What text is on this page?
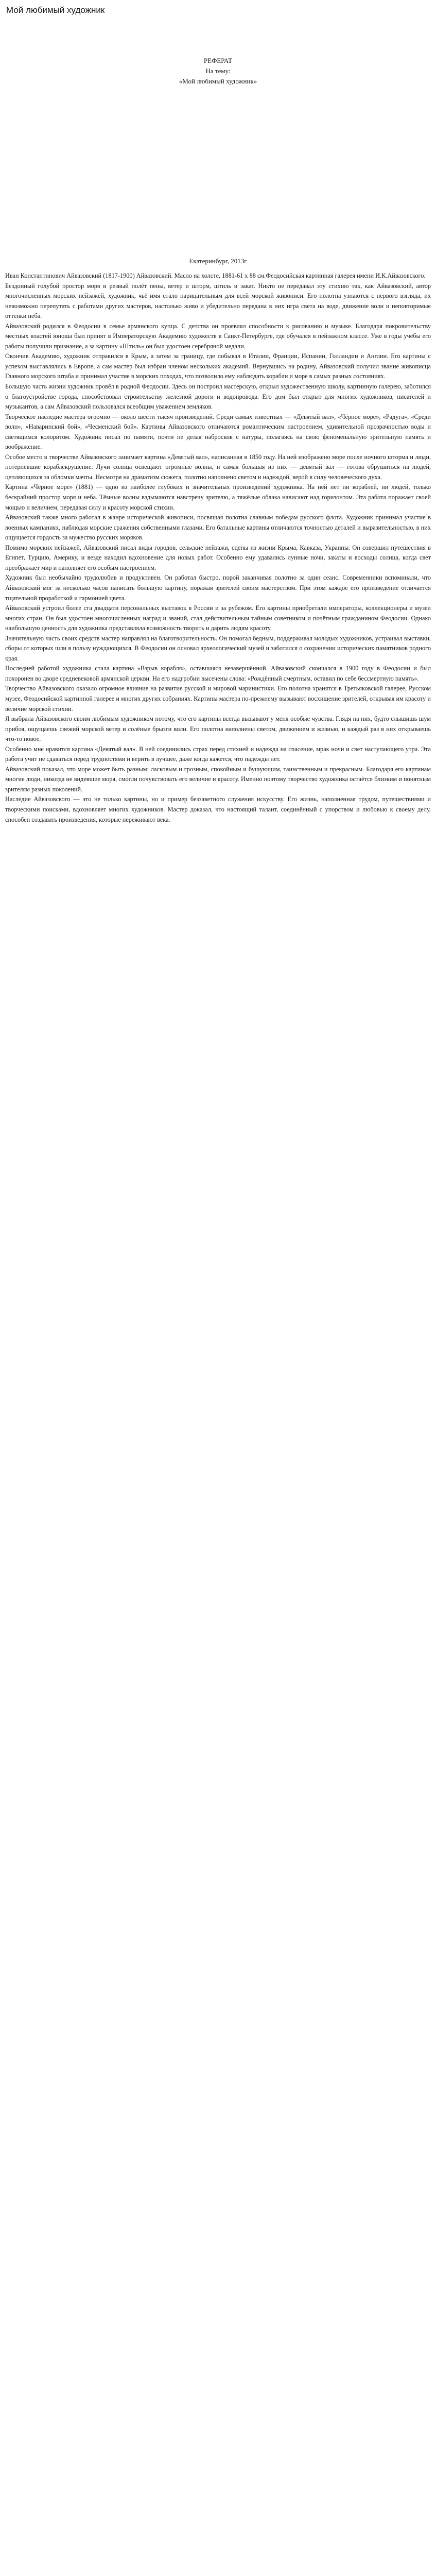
Мой любимый художник
РЕФЕРАТ
На тему:
«Мой любимый художник»
Екатеринбург, 2013г

Иван Константинович Айвазовский (1817-1900) Айвазовский. Масло на холсте, 1881-61 x 88 см.Феодосийская картинная галерея имени И.К.Айвазовского.

Бездонный голубой простор моря и резвый полёт пены, ветер и шторм, штиль и закат. Никто не передавал эту стихию так, как Айвазовский, автор многочисленных морских пейзажей, художник, чьё имя стало нарицательным для всей морской живописи. Его полотна узнаются с первого взгляда, их невозможно перепутать с работами других мастеров, настолько живо и убедительно передана в них игра света на воде, движение волн и неповторимые оттенки неба.

Айвазовский родился в Феодосии в семье армянского купца. С детства он проявлял способности к рисованию и музыке. Благодаря покровительству местных властей юноша был принят в Императорскую Академию художеств в Санкт-Петербурге, где обучался в пейзажном классе. Уже в годы учёбы его работы получили признание, а за картину «Штиль» он был удостоен серебряной медали.

Окончив Академию, художник отправился в Крым, а затем за границу, где побывал в Италии, Франции, Испании, Голландии и Англии. Его картины с успехом выставлялись в Европе, а сам мастер был избран членом нескольких академий. Вернувшись на родину, Айвазовский получил звание живописца Главного морского штаба и принимал участие в морских походах, что позволило ему наблюдать корабли и море в самых разных состояниях.

Большую часть жизни художник провёл в родной Феодосии. Здесь он построил мастерскую, открыл художественную школу, картинную галерею, заботился о благоустройстве города, способствовал строительству железной дороги и водопровода. Его дом был открыт для многих художников, писателей и музыкантов, а сам Айвазовский пользовался всеобщим уважением земляков.

Творческое наследие мастера огромно — около шести тысяч произведений. Среди самых известных — «Девятый вал», «Чёрное море», «Радуга», «Среди волн», «Наваринский бой», «Чесменский бой». Картины Айвазовского отличаются романтическим настроением, удивительной прозрачностью воды и светящимся колоритом. Художник писал по памяти, почти не делая набросков с натуры, полагаясь на свою феноменальную зрительную память и воображение.

Особое место в творчестве Айвазовского занимает картина «Девятый вал», написанная в 1850 году. На ней изображено море после ночного шторма и люди, потерпевшие кораблекрушение. Лучи солнца освещают огромные волны, и самая большая из них — девятый вал — готова обрушиться на людей, цепляющихся за обломки мачты. Несмотря на драматизм сюжета, полотно наполнено светом и надеждой, верой в силу человеческого духа.

Картина «Чёрное море» (1881) — одно из наиболее глубоких и значительных произведений художника. На ней нет ни кораблей, ни людей, только бескрайний простор моря и неба. Тёмные волны вздымаются навстречу зрителю, а тяжёлые облака нависают над горизонтом. Эта работа поражает своей мощью и величием, передавая силу и красоту морской стихии.

Айвазовский также много работал в жанре исторической живописи, посвящая полотна славным победам русского флота. Художник принимал участие в военных кампаниях, наблюдая морские сражения собственными глазами. Его батальные картины отличаются точностью деталей и выразительностью, в них ощущается гордость за мужество русских моряков.

Помимо морских пейзажей, Айвазовский писал виды городов, сельские пейзажи, сцены из жизни Крыма, Кавказа, Украины. Он совершил путешествия в Египет, Турцию, Америку, и везде находил вдохновение для новых работ. Особенно ему удавались лунные ночи, закаты и восходы солнца, когда свет преображает мир и наполняет его особым настроением.

Художник был необычайно трудолюбив и продуктивен. Он работал быстро, порой заканчивая полотно за один сеанс. Современники вспоминали, что Айвазовский мог за несколько часов написать большую картину, поражая зрителей своим мастерством. При этом каждое его произведение отличается тщательной проработкой и гармонией цвета.

Айвазовский устроил более ста двадцати персональных выставок в России и за рубежом. Его картины приобретали императоры, коллекционеры и музеи многих стран. Он был удостоен многочисленных наград и званий, стал действительным тайным советником и почётным гражданином Феодосии. Однако наибольшую ценность для художника представляла возможность творить и дарить людям красоту.

Значительную часть своих средств мастер направлял на благотворительность. Он помогал бедным, поддерживал молодых художников, устраивал выставки, сборы от которых шли в пользу нуждающихся. В Феодосии он основал археологический музей и заботился о сохранении исторических памятников родного края.

Последней работой художника стала картина «Взрыв корабля», оставшаяся незавершённой. Айвазовский скончался в 1900 году в Феодосии и был похоронен во дворе средневековой армянской церкви. На его надгробии высечены слова: «Рождённый смертным, оставил по себе бессмертную память».

Творчество Айвазовского оказало огромное влияние на развитие русской и мировой маринистики. Его полотна хранятся в Третьяковской галерее, Русском музее, Феодосийской картинной галерее и многих других собраниях. Картины мастера по-прежнему вызывают восхищение зрителей, открывая им красоту и величие морской стихии.

Я выбрала Айвазовского своим любимым художником потому, что его картины всегда вызывают у меня особые чувства. Глядя на них, будто слышишь шум прибоя, ощущаешь свежий морской ветер и солёные брызги волн. Его полотна наполнены светом, движением и жизнью, и каждый раз в них открываешь что-то новое.

Особенно мне нравится картина «Девятый вал». В ней соединились страх перед стихией и надежда на спасение, мрак ночи и свет наступающего утра. Эта работа учит не сдаваться перед трудностями и верить в лучшее, даже когда кажется, что надежды нет.

Айвазовский показал, что море может быть разным: ласковым и грозным, спокойным и бушующим, таинственным и прекрасным. Благодаря его картинам многие люди, никогда не видевшие моря, смогли почувствовать его величие и красоту. Именно поэтому творчество художника остаётся близким и понятным зрителям разных поколений.

Наследие Айвазовского — это не только картины, но и пример беззаветного служения искусству. Его жизнь, наполненная трудом, путешествиями и творческими поисками, вдохновляет многих художников. Мастер доказал, что настоящий талант, соединённый с упорством и любовью к своему делу, способен создавать произведения, которые переживают века.
